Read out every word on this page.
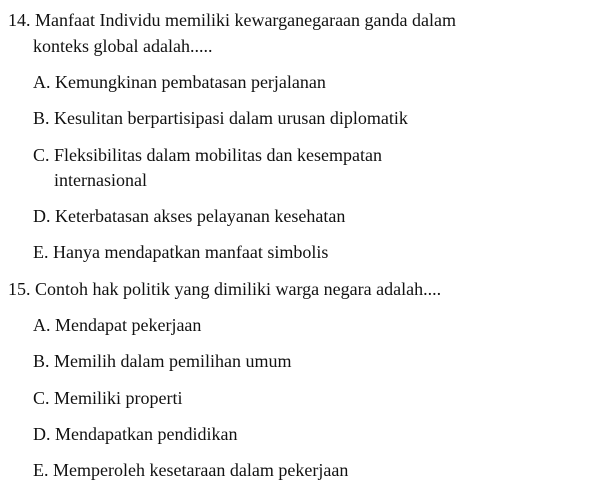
14. Manfaat Individu memiliki kewarganegaraan ganda dalam
konteks global adalah.....
A. Kemungkinan pembatasan perjalanan
B. Kesulitan berpartisipasi dalam urusan diplomatik
C. Fleksibilitas dalam mobilitas dan kesempatan
internasional
D. Keterbatasan akses pelayanan kesehatan
E. Hanya mendapatkan manfaat simbolis
15. Contoh hak politik yang dimiliki warga negara adalah....
A. Mendapat pekerjaan
B. Memilih dalam pemilihan umum
C. Memiliki properti
D. Mendapatkan pendidikan
E. Memperoleh kesetaraan dalam pekerjaan
